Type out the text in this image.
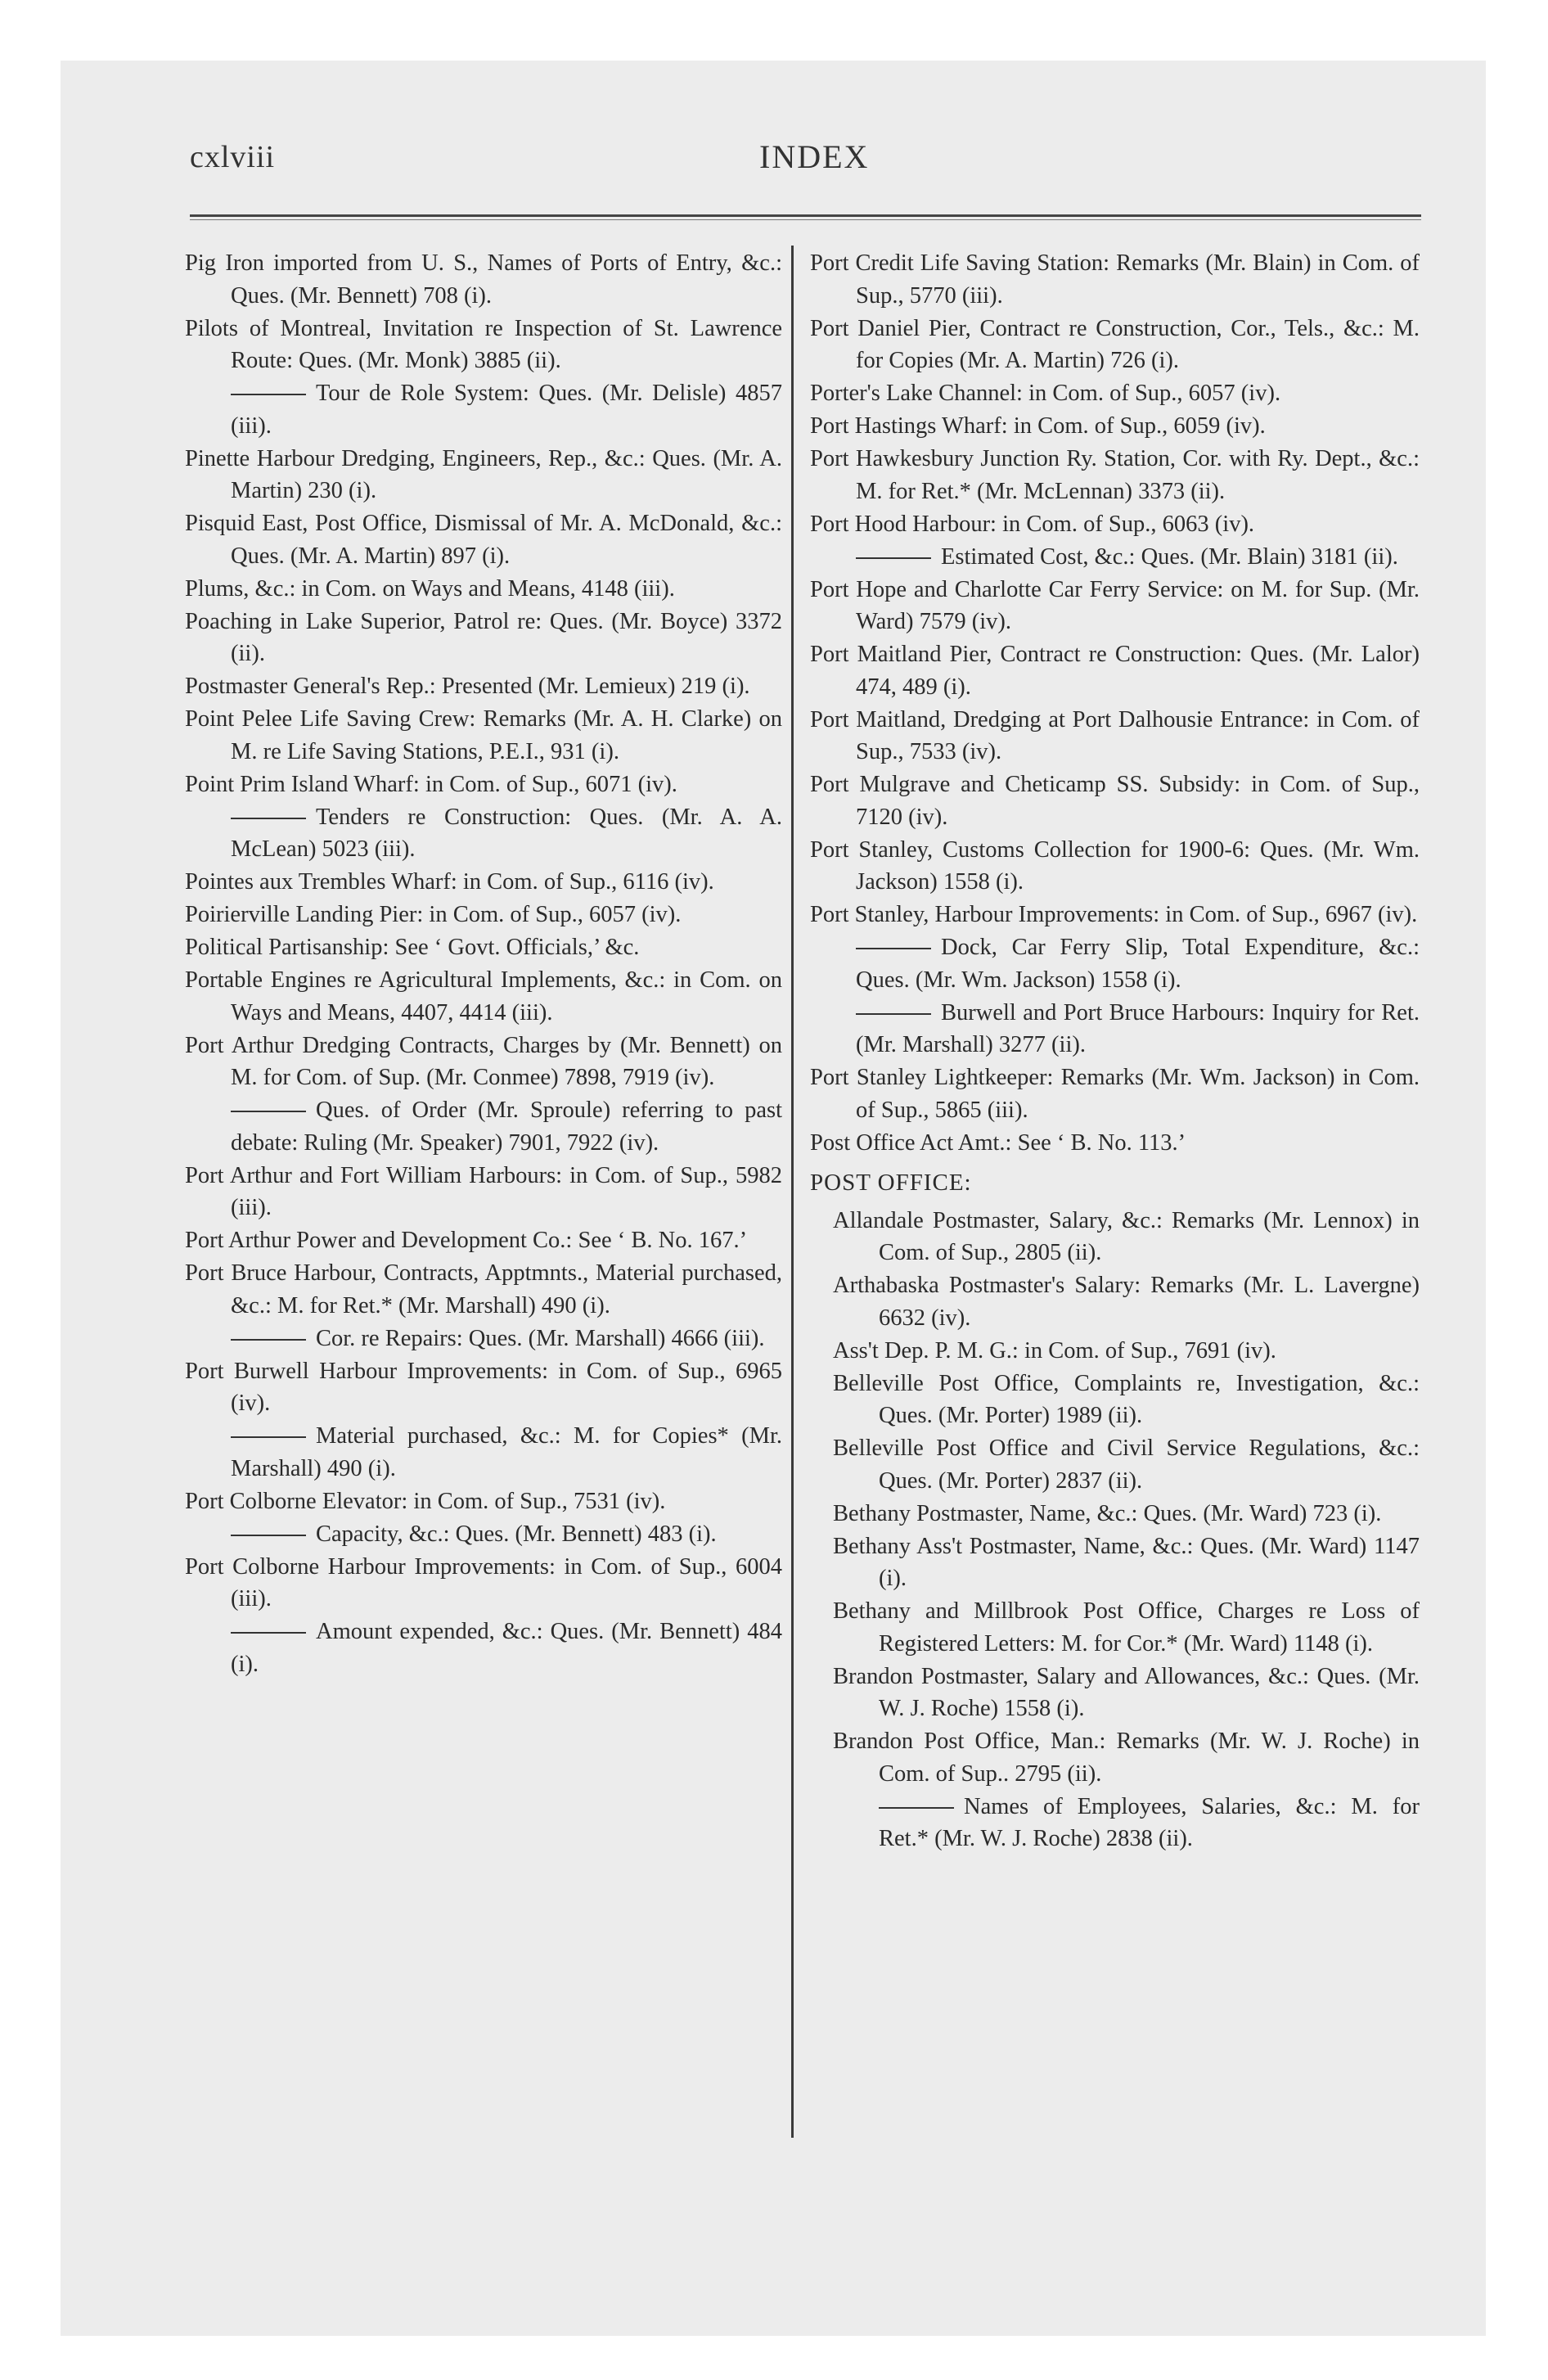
cxlviii	INDEX

Pig Iron imported from U. S., Names of Ports of Entry, &c.: Ques. (Mr. Bennett) 708 (i).

Pilots of Montreal, Invitation re Inspection of St. Lawrence Route: Ques. (Mr. Monk) 3885 (ii).

Tour de Role System: Ques. (Mr. Delisle) 4857 (iii).

Pinette Harbour Dredging, Engineers, Rep., &c.: Ques. (Mr. A. Martin) 230 (i).

Pisquid East, Post Office, Dismissal of Mr. A. McDonald, &c.: Ques. (Mr. A. Martin) 897 (i).

Plums, &c.: in Com. on Ways and Means, 4148 (iii).

Poaching in Lake Superior, Patrol re: Ques. (Mr. Boyce) 3372 (ii).

Postmaster General's Rep.: Presented (Mr. Lemieux) 219 (i).

Point Pelee Life Saving Crew: Remarks (Mr. A. H. Clarke) on M. re Life Saving Stations, P.E.I., 931 (i).

Point Prim Island Wharf: in Com. of Sup., 6071 (iv).

Tenders re Construction: Ques. (Mr. A. A. McLean) 5023 (iii).

Pointes aux Trembles Wharf: in Com. of Sup., 6116 (iv).

Poirierville Landing Pier: in Com. of Sup., 6057 (iv).

Political Partisanship: See ‘ Govt. Officials,’ &c.

Portable Engines re Agricultural Implements, &c.: in Com. on Ways and Means, 4407, 4414 (iii).

Port Arthur Dredging Contracts, Charges by (Mr. Bennett) on M. for Com. of Sup. (Mr. Conmee) 7898, 7919 (iv).

Ques. of Order (Mr. Sproule) referring to past debate: Ruling (Mr. Speaker) 7901, 7922 (iv).

Port Arthur and Fort William Harbours: in Com. of Sup., 5982 (iii).

Port Arthur Power and Development Co.: See ‘ B. No. 167.’

Port Bruce Harbour, Contracts, Apptmnts., Material purchased, &c.: M. for Ret.* (Mr. Marshall) 490 (i).

Cor. re Repairs: Ques. (Mr. Marshall) 4666 (iii).

Port Burwell Harbour Improvements: in Com. of Sup., 6965 (iv).

Material purchased, &c.: M. for Copies* (Mr. Marshall) 490 (i).

Port Colborne Elevator: in Com. of Sup., 7531 (iv).

Capacity, &c.: Ques. (Mr. Bennett) 483 (i).

Port Colborne Harbour Improvements: in Com. of Sup., 6004 (iii).

Amount expended, &c.: Ques. (Mr. Bennett) 484 (i).

Port Credit Life Saving Station: Remarks (Mr. Blain) in Com. of Sup., 5770 (iii).

Port Daniel Pier, Contract re Construction, Cor., Tels., &c.: M. for Copies (Mr. A. Martin) 726 (i).

Porter's Lake Channel: in Com. of Sup., 6057 (iv).

Port Hastings Wharf: in Com. of Sup., 6059 (iv).

Port Hawkesbury Junction Ry. Station, Cor. with Ry. Dept., &c.: M. for Ret.* (Mr. McLennan) 3373 (ii).

Port Hood Harbour: in Com. of Sup., 6063 (iv).

Estimated Cost, &c.: Ques. (Mr. Blain) 3181 (ii).

Port Hope and Charlotte Car Ferry Service: on M. for Sup. (Mr. Ward) 7579 (iv).

Port Maitland Pier, Contract re Construction: Ques. (Mr. Lalor) 474, 489 (i).

Port Maitland, Dredging at Port Dalhousie Entrance: in Com. of Sup., 7533 (iv).

Port Mulgrave and Cheticamp SS. Subsidy: in Com. of Sup., 7120 (iv).

Port Stanley, Customs Collection for 1900-6: Ques. (Mr. Wm. Jackson) 1558 (i).

Port Stanley, Harbour Improvements: in Com. of Sup., 6967 (iv).

Dock, Car Ferry Slip, Total Expenditure, &c.: Ques. (Mr. Wm. Jackson) 1558 (i).

Burwell and Port Bruce Harbours: Inquiry for Ret. (Mr. Marshall) 3277 (ii).

Port Stanley Lightkeeper: Remarks (Mr. Wm. Jackson) in Com. of Sup., 5865 (iii).

Post Office Act Amt.: See ‘ B. No. 113.’

POST OFFICE:

Allandale Postmaster, Salary, &c.: Remarks (Mr. Lennox) in Com. of Sup., 2805 (ii).

Arthabaska Postmaster's Salary: Remarks (Mr. L. Lavergne) 6632 (iv).

Ass't Dep. P. M. G.: in Com. of Sup., 7691 (iv).

Belleville Post Office, Complaints re, Investigation, &c.: Ques. (Mr. Porter) 1989 (ii).

Belleville Post Office and Civil Service Regulations, &c.: Ques. (Mr. Porter) 2837 (ii).

Bethany Postmaster, Name, &c.: Ques. (Mr. Ward) 723 (i).

Bethany Ass't Postmaster, Name, &c.: Ques. (Mr. Ward) 1147 (i).

Bethany and Millbrook Post Office, Charges re Loss of Registered Letters: M. for Cor.* (Mr. Ward) 1148 (i).

Brandon Postmaster, Salary and Allowances, &c.: Ques. (Mr. W. J. Roche) 1558 (i).

Brandon Post Office, Man.: Remarks (Mr. W. J. Roche) in Com. of Sup.. 2795 (ii).

Names of Employees, Salaries, &c.: M. for Ret.* (Mr. W. J. Roche) 2838 (ii).
